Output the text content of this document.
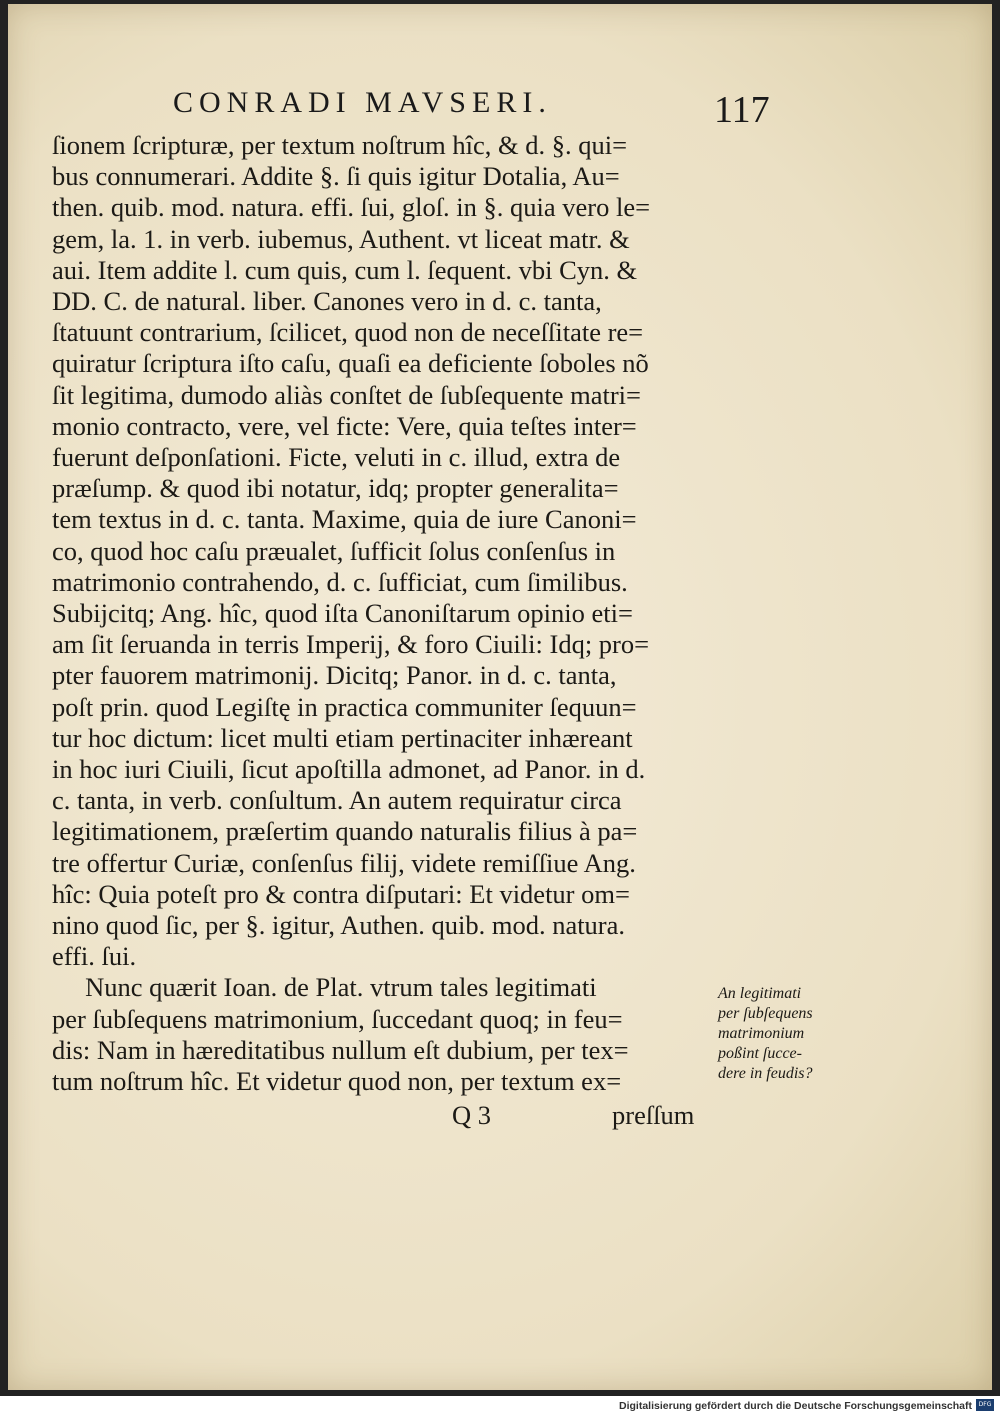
CONRADI MAVSERI.	117
ſionem ſcripturæ, per textum noſtrum hîc, & d. §. qui=
bus connumerari. Addite §. ſi quis igitur Dotalia, Au=
then. quib. mod. natura. effi. ſui, gloſ. in §. quia vero le=
gem, la. 1. in verb. iubemus, Authent. vt liceat matr. &
aui. Item addite l. cum quis, cum l. ſequent. vbi Cyn. &
DD. C. de natural. liber. Canones vero in d. c. tanta,
ſtatuunt contrarium, ſcilicet, quod non de neceſſitate re=
quiratur ſcriptura iſto caſu, quaſi ea deficiente ſoboles nõ
ſit legitima, dumodo aliàs conſtet de ſubſequente matri=
monio contracto, vere, vel ficte: Vere, quia teſtes inter=
fuerunt deſponſationi. Ficte, veluti in c. illud, extra de
præſump. & quod ibi notatur, idq; propter generalita=
tem textus in d. c. tanta. Maxime, quia de iure Canoni=
co, quod hoc caſu præualet, ſufficit ſolus conſenſus in
matrimonio contrahendo, d. c. ſufficiat, cum ſimilibus.
Subijcitq; Ang. hîc, quod iſta Canoniſtarum opinio eti=
am ſit ſeruanda in terris Imperij, & foro Ciuili: Idq; pro=
pter fauorem matrimonij. Dicitq; Panor. in d. c. tanta,
poſt prin. quod Legiſtę in practica communiter ſequun=
tur hoc dictum: licet multi etiam pertinaciter inhæreant
in hoc iuri Ciuili, ſicut apoſtilla admonet, ad Panor. in d.
c. tanta, in verb. conſultum. An autem requiratur circa
legitimationem, præſertim quando naturalis filius à pa=
tre offertur Curiæ, conſenſus filij, videte remiſſiue Ang.
hîc: Quia poteſt pro & contra diſputari: Et videtur om=
nino quod ſic, per §. igitur, Authen. quib. mod. natura.
effi. ſui.
Nunc quærit Ioan. de Plat. vtrum tales legitimati
per ſubſequens matrimonium, ſuccedant quoq; in feu=
dis: Nam in hæreditatibus nullum eſt dubium, per tex=
tum noſtrum hîc. Et videtur quod non, per textum ex=
Q 3	preſſum
An legitimati
per ſubſequens
matrimonium
poßint ſucce-
dere in feudis?
Digitalisierung gefördert durch die Deutsche Forschungsgemeinschaft	DFG
